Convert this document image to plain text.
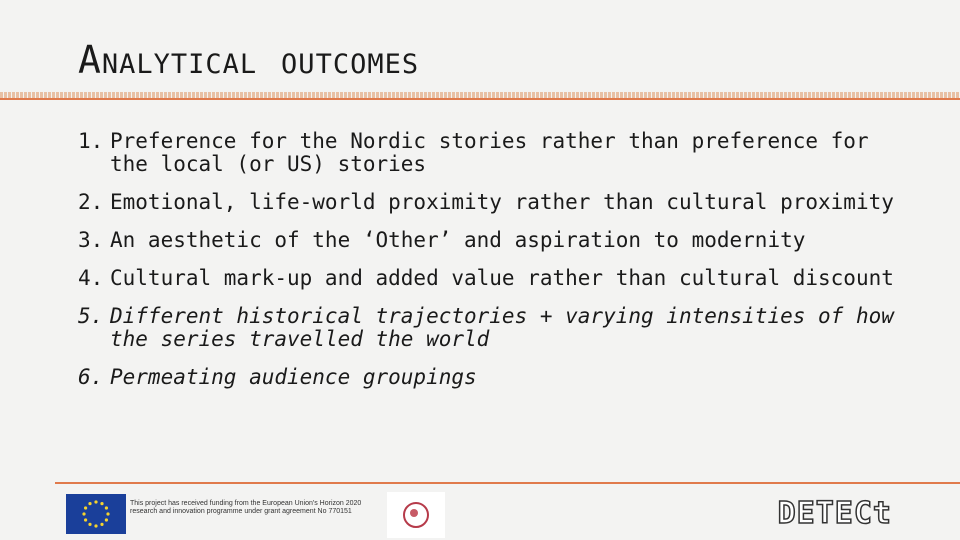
Analytical outcomes
1. Preference for the Nordic stories rather than preference for the local (or US) stories
2. Emotional, life-world proximity rather than cultural proximity
3. An aesthetic of the ‘Other’ and aspiration to modernity
4. Cultural mark-up and added value rather than cultural discount
5. Different historical trajectories + varying intensities of how the series travelled the world
6. Permeating audience groupings
This project has received funding from the European Union's Horizon 2020 research and innovation programme under grant agreement No 770151	DETECt
